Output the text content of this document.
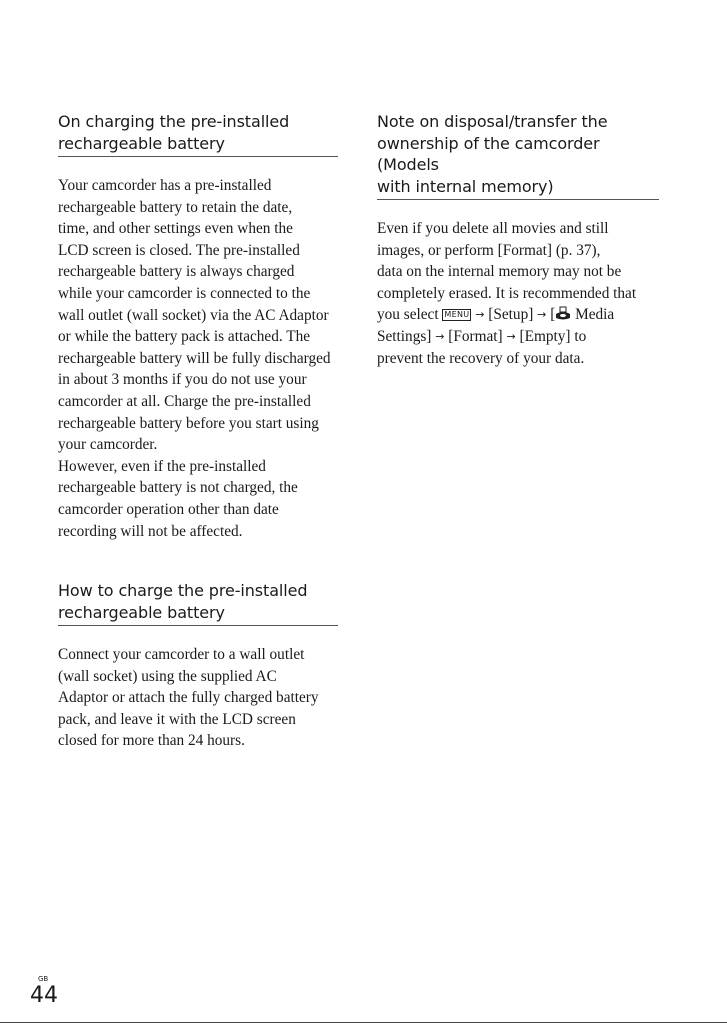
On charging the pre-installed
rechargeable battery

Your camcorder has a pre-installed
rechargeable battery to retain the date,
time, and other settings even when the
LCD screen is closed. The pre-installed
rechargeable battery is always charged
while your camcorder is connected to the
wall outlet (wall socket) via the AC Adaptor
or while the battery pack is attached. The
rechargeable battery will be fully discharged
in about 3 months if you do not use your
camcorder at all. Charge the pre-installed
rechargeable battery before you start using
your camcorder.
However, even if the pre-installed
rechargeable battery is not charged, the
camcorder operation other than date
recording will not be affected.

How to charge the pre-installed
rechargeable battery

Connect your camcorder to a wall outlet
(wall socket) using the supplied AC
Adaptor or attach the fully charged battery
pack, and leave it with the LCD screen
closed for more than 24 hours.

Note on disposal/transfer the
ownership of the camcorder (Models
with internal memory)

Even if you delete all movies and still
images, or perform [Format] (p. 37),
data on the internal memory may not be
completely erased. It is recommended that
you select MENU → [Setup] → [ Media
Settings] → [Format] → [Empty] to
prevent the recovery of your data.

GB
44
